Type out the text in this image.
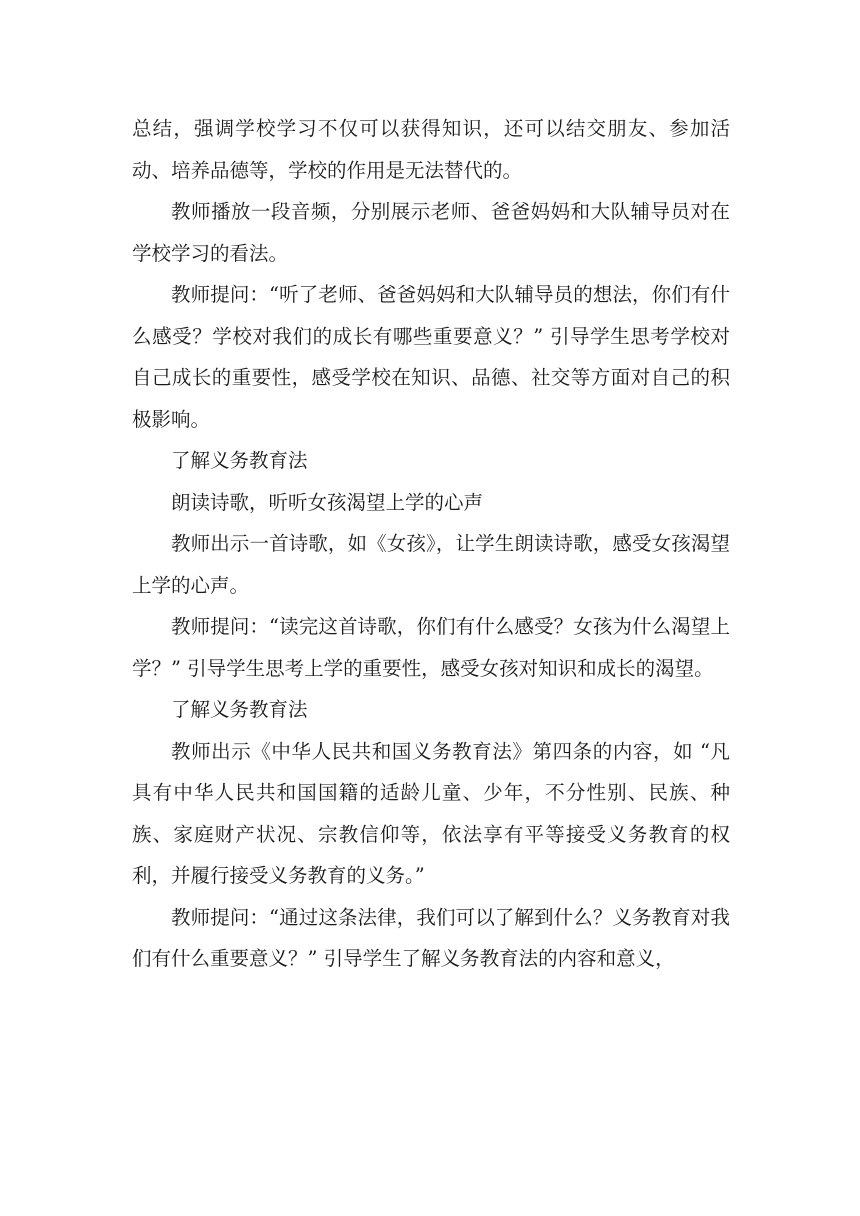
总结，强调学校学习不仅可以获得知识，还可以结交朋友、参加活动、培养品德等，学校的作用是无法替代的。

教师播放一段音频，分别展示老师、爸爸妈妈和大队辅导员对在学校学习的看法。

教师提问：“听了老师、爸爸妈妈和大队辅导员的想法，你们有什么感受？学校对我们的成长有哪些重要意义？” 引导学生思考学校对自己成长的重要性，感受学校在知识、品德、社交等方面对自己的积极影响。

了解义务教育法

朗读诗歌，听听女孩渴望上学的心声

教师出示一首诗歌，如《女孩》，让学生朗读诗歌，感受女孩渴望上学的心声。

教师提问：“读完这首诗歌，你们有什么感受？女孩为什么渴望上学？” 引导学生思考上学的重要性，感受女孩对知识和成长的渴望。

了解义务教育法

教师出示《中华人民共和国义务教育法》第四条的内容，如 “凡具有中华人民共和国国籍的适龄儿童、少年，不分性别、民族、种族、家庭财产状况、宗教信仰等，依法享有平等接受义务教育的权利，并履行接受义务教育的义务。”

教师提问：“通过这条法律，我们可以了解到什么？义务教育对我们有什么重要意义？” 引导学生了解义务教育法的内容和意义，
